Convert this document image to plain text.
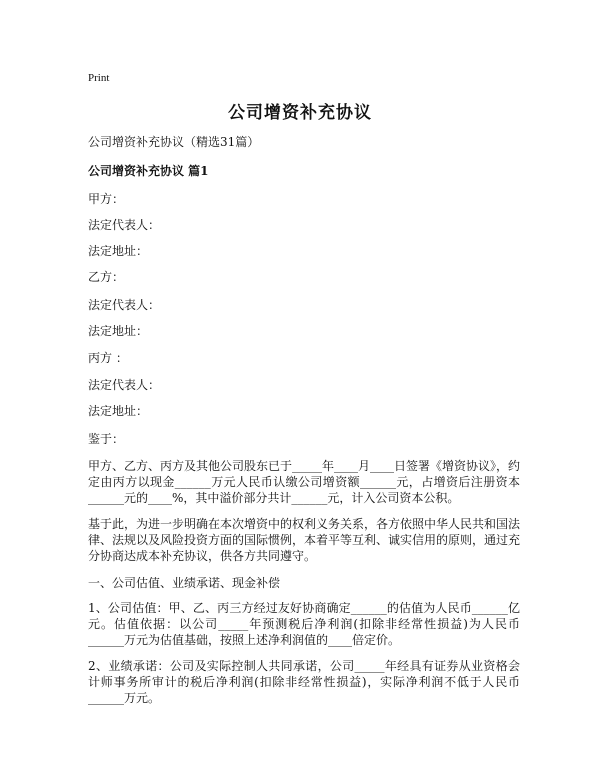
Print
公司增资补充协议
公司增资补充协议（精选31篇）
公司增资补充协议 篇1
甲方：
法定代表人：
法定地址：
乙方：
法定代表人：
法定地址：
丙方 ：
法定代表人：
法定地址：
鉴于：
甲方、乙方、丙方及其他公司股东已于_____年____月____日签署《增资协议》，约定由丙方以现金______万元人民币认缴公司增资额______元，占增资后注册资本______元的____%，其中溢价部分共计______元，计入公司资本公积。
基于此，为进一步明确在本次增资中的权利义务关系，各方依照中华人民共和国法律、法规以及风险投资方面的国际惯例，本着平等互利、诚实信用的原则，通过充分协商达成本补充协议，供各方共同遵守。
一、公司估值、业绩承诺、现金补偿
1、公司估值：甲、乙、丙三方经过友好协商确定______的估值为人民币______亿元。估值依据：以公司_____年预测税后净利润(扣除非经常性损益)为人民币______万元为估值基础，按照上述净利润值的____倍定价。
2、业绩承诺：公司及实际控制人共同承诺，公司_____年经具有证券从业资格会计师事务所审计的税后净利润(扣除非经常性损益)，实际净利润不低于人民币______万元。
